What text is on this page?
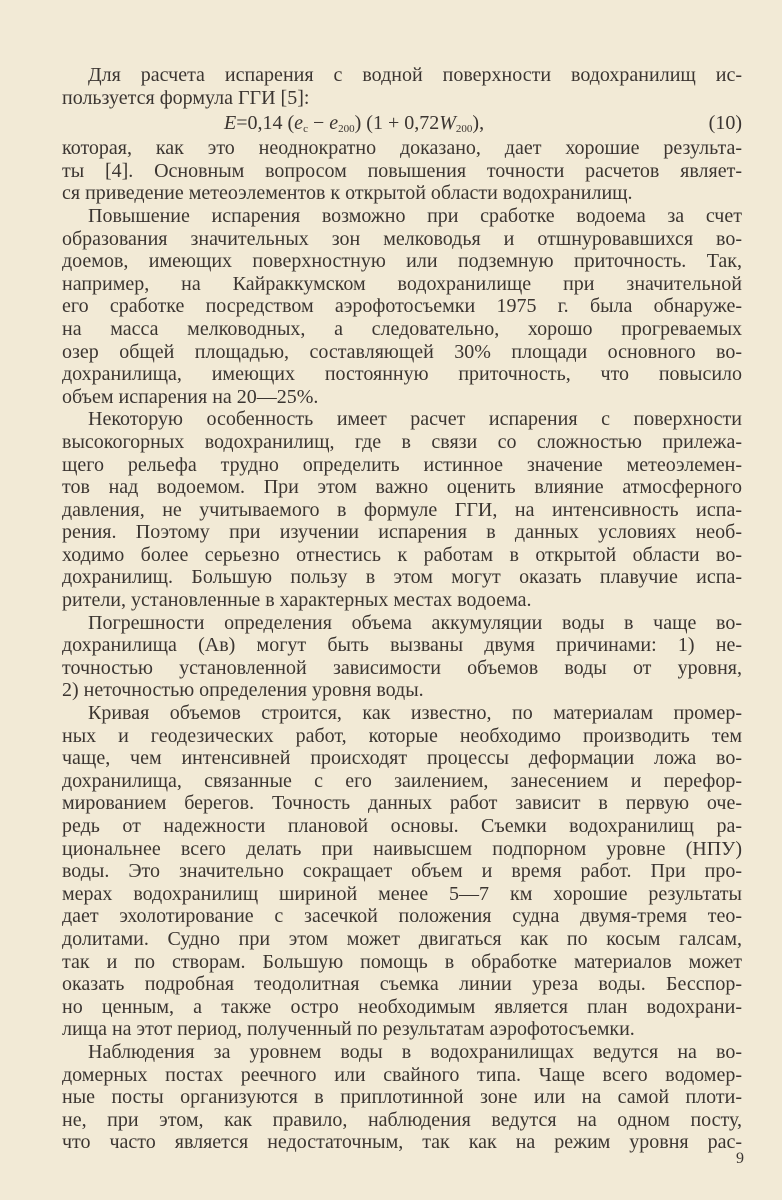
Для расчета испарения с водной поверхности водохранилищ ис-
пользуется формула ГГИ [5]:
E=0,14 $(e_с - e_{200}) (1 + 0,72W_{200})$,	(10)
которая, как это неоднократно доказано, дает хорошие результа-
ты [4]. Основным вопросом повышения точности расчетов являет-
ся приведение метеоэлементов к открытой области водохранилищ.
Повышение испарения возможно при сработке водоема за счет
образования значительных зон мелководья и отшнуровавшихся во-
доемов, имеющих поверхностную или подземную приточность. Так,
например, на Кайраккумском водохранилище при значительной
его сработке посредством аэрофотосъемки 1975 г. была обнаруже-
на масса мелководных, а следовательно, хорошо прогреваемых
озер общей площадью, составляющей 30% площади основного во-
дохранилища, имеющих постоянную приточность, что повысило
объем испарения на 20—25%.
Некоторую особенность имеет расчет испарения с поверхности
высокогорных водохранилищ, где в связи со сложностью прилежа-
щего рельефа трудно определить истинное значение метеоэлемен-
тов над водоемом. При этом важно оценить влияние атмосферного
давления, не учитываемого в формуле ГГИ, на интенсивность испа-
рения. Поэтому при изучении испарения в данных условиях необ-
ходимо более серьезно отнестись к работам в открытой области во-
дохранилищ. Большую пользу в этом могут оказать плавучие испа-
рители, установленные в характерных местах водоема.
Погрешности определения объема аккумуляции воды в чаще во-
дохранилища (Aв) могут быть вызваны двумя причинами: 1) не-
точностью установленной зависимости объемов воды от уровня,
2) неточностью определения уровня воды.
Кривая объемов строится, как известно, по материалам промер-
ных и геодезических работ, которые необходимо производить тем
чаще, чем интенсивней происходят процессы деформации ложа во-
дохранилища, связанные с его заилением, занесением и перефор-
мированием берегов. Точность данных работ зависит в первую оче-
редь от надежности плановой основы. Съемки водохранилищ ра-
циональнее всего делать при наивысшем подпорном уровне (НПУ)
воды. Это значительно сокращает объем и время работ. При про-
мерах водохранилищ шириной менее 5—7 км хорошие результаты
дает эхолотирование с засечкой положения судна двумя-тремя тео-
долитами. Судно при этом может двигаться как по косым галсам,
так и по створам. Большую помощь в обработке материалов может
оказать подробная теодолитная съемка линии уреза воды. Бесспор-
но ценным, а также остро необходимым является план водохрани-
лища на этот период, полученный по результатам аэрофотосъемки.
Наблюдения за уровнем воды в водохранилищах ведутся на во-
домерных постах реечного или свайного типа. Чаще всего водомер-
ные посты организуются в приплотинной зоне или на самой плоти-
не, при этом, как правило, наблюдения ведутся на одном посту,
что часто является недостаточным, так как на режим уровня рас-
9
